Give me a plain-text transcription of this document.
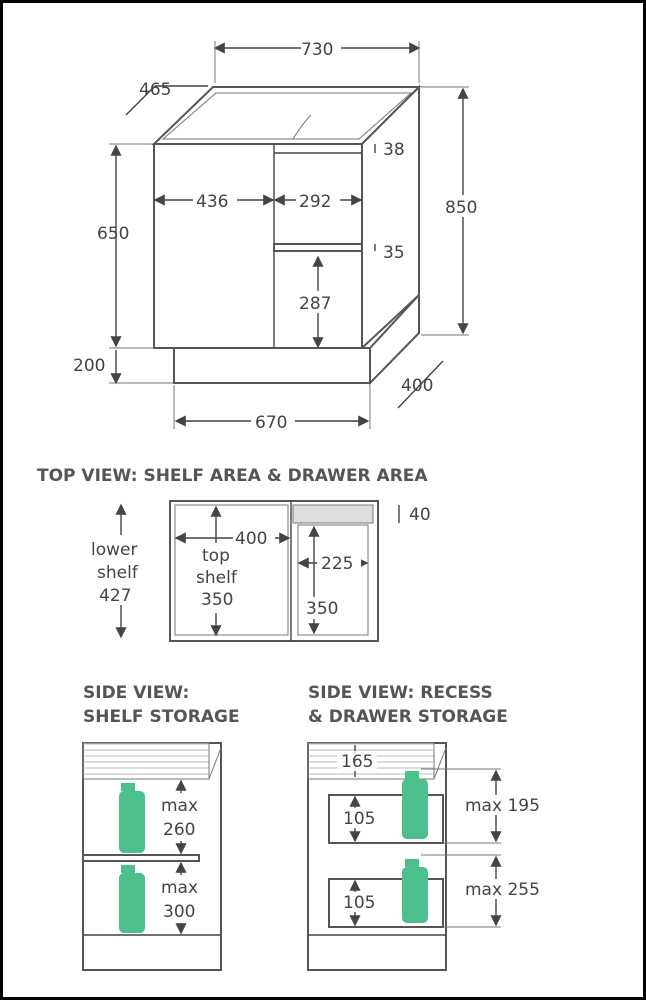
730
465
436	292
38
35
287
650
850
200
400
670
TOP VIEW: SHELF AREA & DRAWER AREA
lower
shelf
427
top
shelf
350
400
40
225
350
SIDE VIEW:
SHELF STORAGE
max
260
max
300
SIDE VIEW: RECESS
& DRAWER STORAGE
165
105
max 195
105
max 255
